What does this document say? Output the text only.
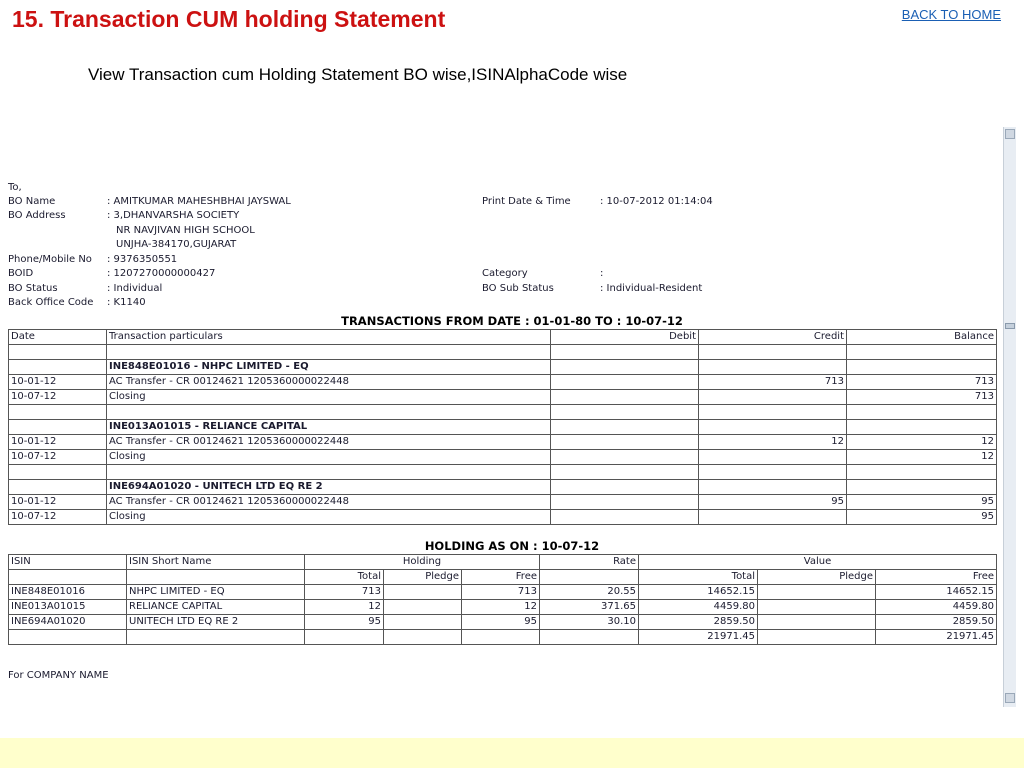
15. Transaction CUM holding Statement	BACK TO HOME
View Transaction cum Holding Statement BO wise,ISINAlphaCode wise
To,
BO Name	: AMITKUMAR MAHESHBHAI JAYSWAL	Print Date & Time	: 10-07-2012 01:14:04
BO Address	: 3,DHANVARSHA SOCIETY
NR NAVJIVAN HIGH SCHOOL
UNJHA-384170,GUJARAT
Phone/Mobile No : 9376350551
BOID	: 1207270000000427	Category	:
BO Status	: Individual	BO Sub Status	: Individual-Resident
Back Office Code : K1140
TRANSACTIONS FROM DATE : 01-01-80 TO : 10-07-12
Date	Transaction particulars	Debit	Credit	Balance

	INE848E01016 - NHPC LIMITED - EQ			
10-01-12	AC Transfer - CR 00124621 1205360000022448		713	713
10-07-12	Closing			713

	INE013A01015 - RELIANCE CAPITAL			
10-01-12	AC Transfer - CR 00124621 1205360000022448		12	12
10-07-12	Closing			12

	INE694A01020 - UNITECH LTD EQ RE 2			
10-01-12	AC Transfer - CR 00124621 1205360000022448		95	95
10-07-12	Closing			95
HOLDING AS ON : 10-07-12
ISIN	ISIN Short Name	Holding			Rate	Value		
		Total	Pledge	Free		Total	Pledge	Free
INE848E01016	NHPC LIMITED - EQ	713		713	20.55	14652.15		14652.15
INE013A01015	RELIANCE CAPITAL	12		12	371.65	4459.80		4459.80
INE694A01020	UNITECH LTD EQ RE 2	95		95	30.10	2859.50		2859.50
						21971.45		21971.45
For COMPANY NAME
